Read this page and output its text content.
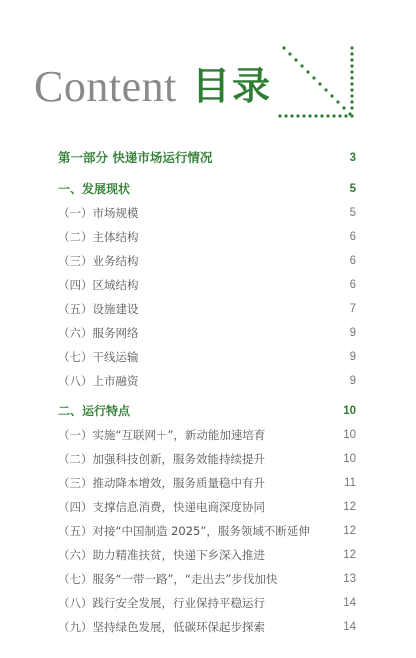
Content 目录
第一部分 快递市场运行情况	3
一、发展现状	5
（一）市场规模	5
（二）主体结构	6
（三）业务结构	6
（四）区域结构	6
（五）设施建设	7
（六）服务网络	9
（七）干线运输	9
（八）上市融资	9
二、运行特点	10
（一）实施“互联网＋”，新动能加速培育	10
（二）加强科技创新，服务效能持续提升	10
（三）推动降本增效，服务质量稳中有升	11
（四）支撑信息消费，快递电商深度协同	12
（五）对接“中国制造 2025”，服务领域不断延伸	12
（六）助力精准扶贫，快递下乡深入推进	12
（七）服务“一带一路”，“走出去”步伐加快	13
（八）践行安全发展，行业保持平稳运行	14
（九）坚持绿色发展，低碳环保起步探索	14
